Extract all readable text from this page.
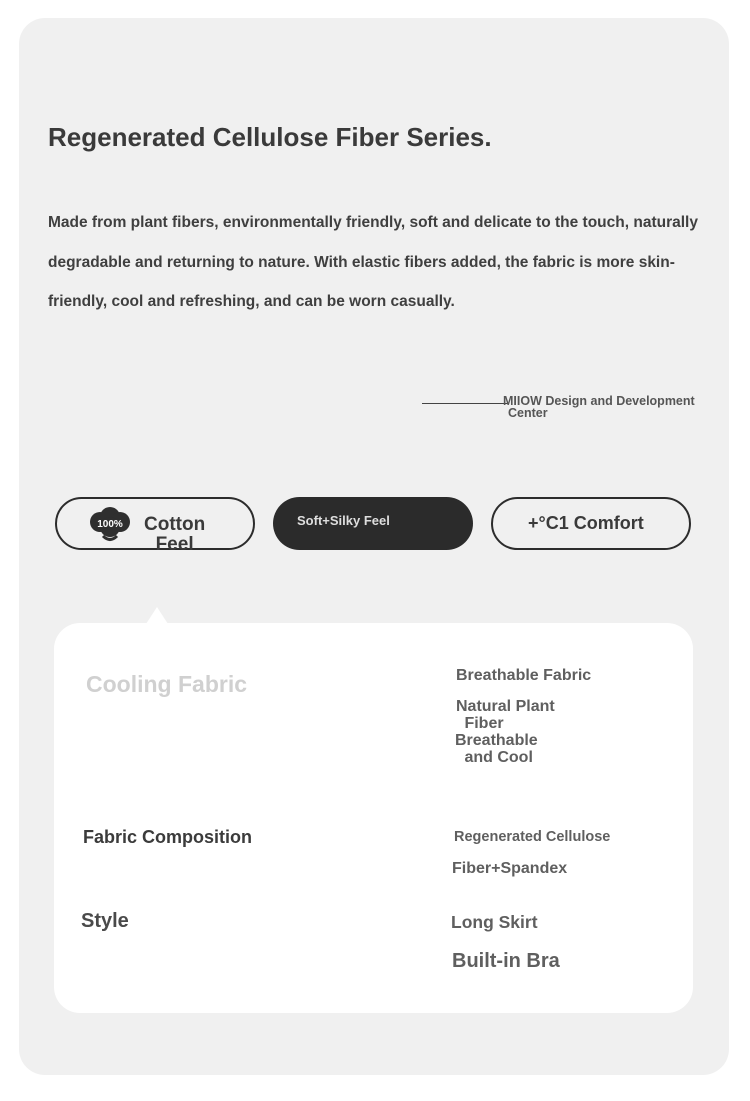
Regenerated Cellulose Fiber Series.

Made from plant fibers, environmentally friendly, soft and delicate to the touch, naturally degradable and returning to nature. With elastic fibers added, the fabric is more skin-friendly, cool and refreshing, and can be worn casually.

MIIOW Design and Development
Center
100% Cotton
Feel
Soft+Silky Feel	+°C1 Comfort
Cooling Fabric	Breathable Fabric
Natural Plant
Fiber
Breathable
and Cool
Fabric Composition	Regenerated Cellulose
Fiber+Spandex
Style	Long Skirt
Built-in Bra
